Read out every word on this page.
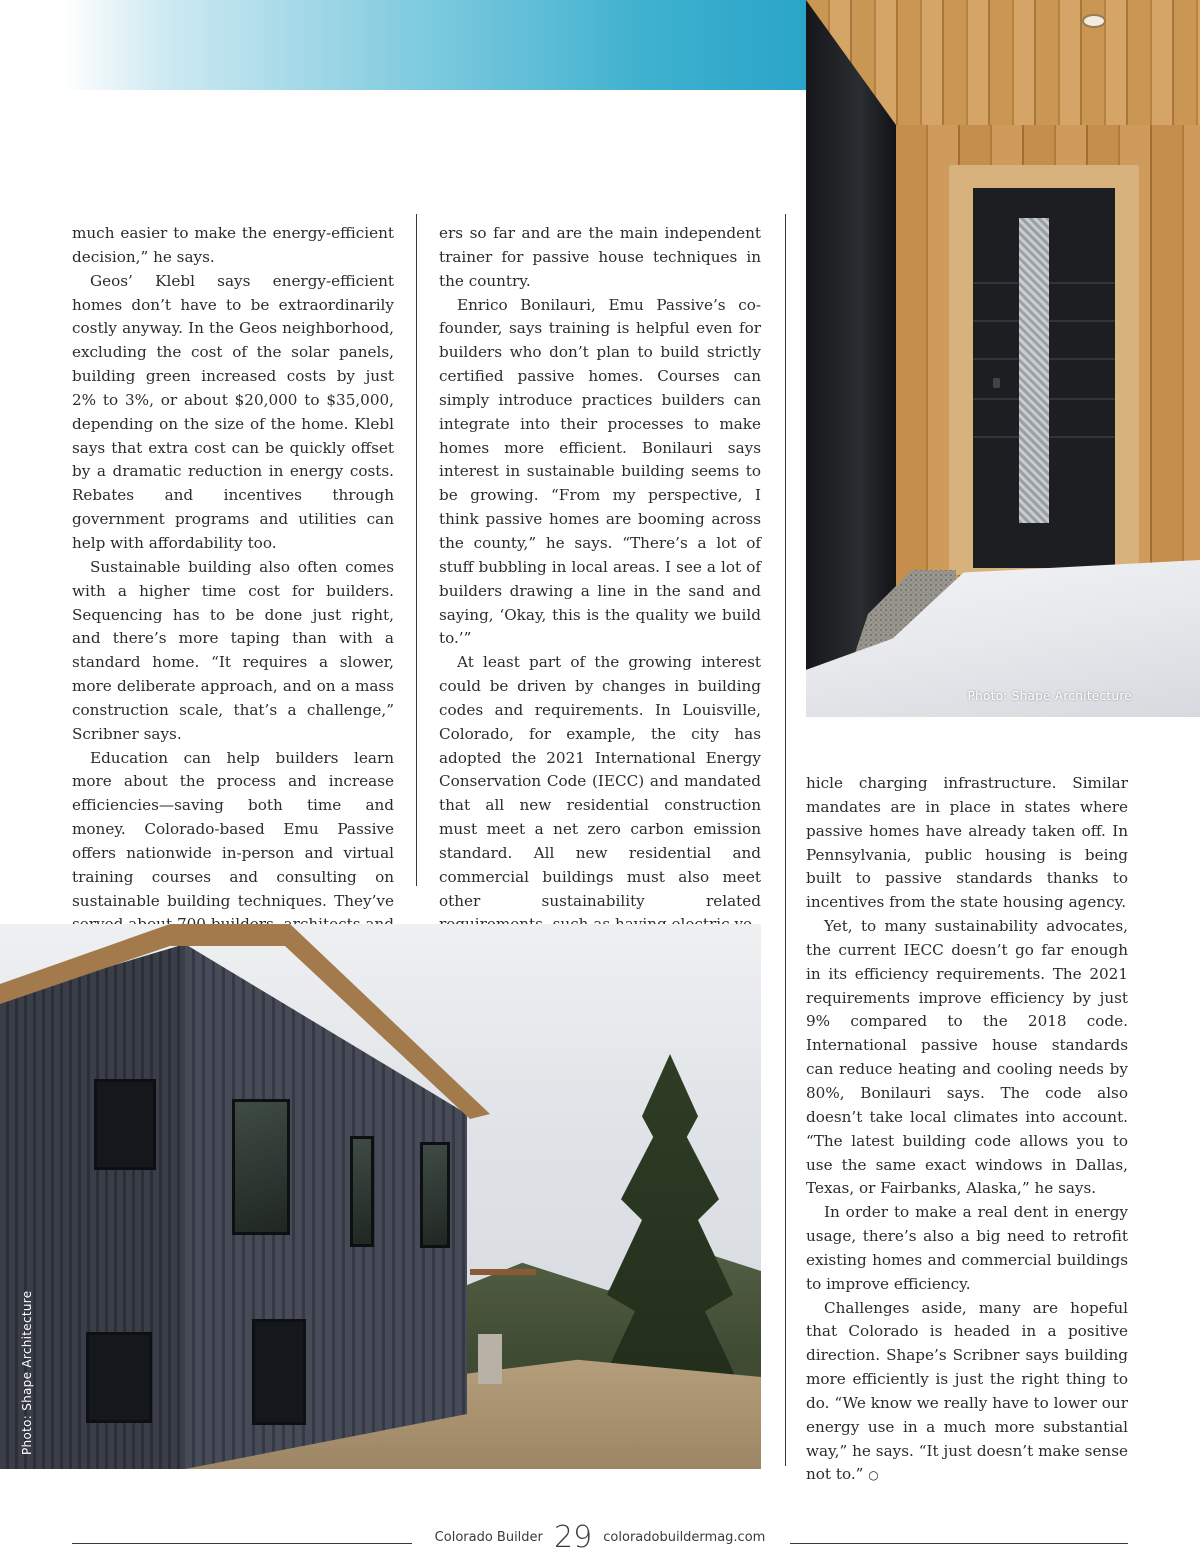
Photo: Shape Architecture

much easier to make the energy-efficient decision,” he says.

Geos’ Klebl says energy-efficient homes don’t have to be extraordinarily costly anyway. In the Geos neighborhood, excluding the cost of the solar panels, building green increased costs by just 2% to 3%, or about $20,000 to $35,000, depending on the size of the home. Klebl says that extra cost can be quickly offset by a dramatic reduction in energy costs. Rebates and incentives through government programs and utilities can help with affordability too.

Sustainable building also often comes with a higher time cost for builders. Sequencing has to be done just right, and there’s more taping than with a standard home. “It requires a slower, more deliberate approach, and on a mass construction scale, that’s a challenge,” Scribner says.

Education can help builders learn more about the process and increase efficiencies—saving both time and money. Colorado-based Emu Passive offers nationwide in-person and virtual training courses and consulting on sustainable building techniques. They’ve

ers so far and are the main independent trainer for passive house techniques in the country.

Enrico Bonilauri, Emu Passive’s co-founder, says training is helpful even for builders who don’t plan to build strictly certified passive homes. Courses can simply introduce practices builders can integrate into their processes to make homes more efficient. Bonilauri says interest in sustainable building seems to be growing. “From my perspective, I think passive homes are booming across the county,” he says. “There’s a lot of stuff bubbling in local areas. I see a lot of builders drawing a line in the sand and saying, ‘Okay, this is the quality we build to.’”

At least part of the growing interest could be driven by changes in building codes and requirements. In Louisville, Colorado, for example, the city has adopted the 2021 International Energy Conservation Code (IECC) and mandated that all new residential construction must meet a net zero carbon emission standard. All new residential and commercial buildings must also meet other sustainability related

hicle charging infrastructure. Similar mandates are in place in states where passive homes have already taken off. In Pennsylvania, public housing is being built to passive standards thanks to incentives from the state housing agency.

Yet, to many sustainability advocates, the current IECC doesn’t go far enough in its efficiency requirements. The 2021 requirements improve efficiency by just 9% compared to the 2018 code. International passive house standards can reduce heating and cooling needs by 80%, Bonilauri says. The code also doesn’t take local climates into account. “The latest building code allows you to use the same exact windows in Dallas, Texas, or Fairbanks, Alaska,” he says.

In order to make a real dent in energy usage, there’s also a big need to retrofit existing homes and commercial buildings to improve efficiency.

Challenges aside, many are hopeful that Colorado is headed in a positive direction. Shape’s Scribner says building more efficiently is just the right thing to do. “We know we really have to lower our energy use in a much more substantial way,” he says. “It just doesn’t make sense not to.” ○

Photo: Shape Architecture
Colorado Builder 29 coloradobuildermag.com
